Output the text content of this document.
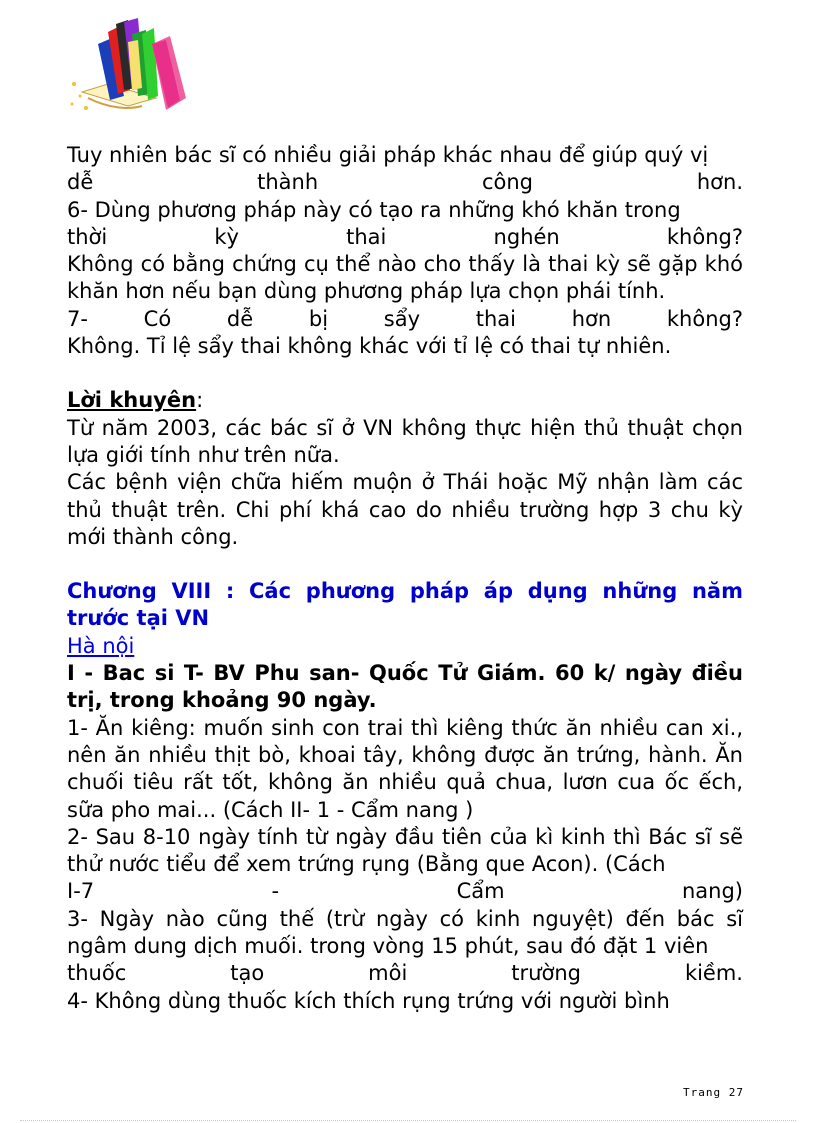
Tuy nhiên bác sĩ có nhiều giải pháp khác nhau để giúp quý vị

dễ thành công hơn.

6- Dùng phương pháp này có tạo ra những khó khăn trong

thời kỳ thai nghén không?

Không có bằng chứng cụ thể nào cho thấy là thai kỳ sẽ gặp khó khăn hơn nếu bạn dùng phương pháp lựa chọn phái tính.

7- Có dễ bị sẩy thai hơn không?

Không. Tỉ lệ sẩy thai không khác với tỉ lệ có thai tự nhiên.

Lời khuyên:

Từ năm 2003, các bác sĩ ở VN không thực hiện thủ thuật chọn lựa giới tính như trên nữa.

Các bệnh viện chữa hiếm muộn ở Thái hoặc Mỹ nhận làm các thủ thuật trên. Chi phí khá cao do nhiều trường hợp 3 chu kỳ mới thành công.

Chương VIII : Các phương pháp áp dụng những năm trước tại VN

Hà nội

I - Bac si T- BV Phu san- Quốc Tử Giám. 60 k/ ngày điều trị, trong khoảng 90 ngày.

1- Ăn kiêng: muốn sinh con trai thì kiêng thức ăn nhiều can xi., nên ăn nhiều thịt bò, khoai tây, không được ăn trứng, hành. Ăn chuối tiêu rất tốt, không ăn nhiều quả chua, lươn cua ốc ếch, sữa pho mai... (Cách II- 1 - Cẩm nang )

2- Sau 8-10 ngày tính từ ngày đầu tiên của kì kinh thì Bác sĩ sẽ thử nước tiểu để xem trứng rụng (Bằng que Acon). (Cách

I-7 - Cẩm nang)

3- Ngày nào cũng thế (trừ ngày có kinh nguyệt) đến bác sĩ ngâm dung dịch muối. trong vòng 15 phút, sau đó đặt 1 viên

thuốc tạo môi trường kiềm.

4- Không dùng thuốc kích thích rụng trứng với người bình

Trang 27
